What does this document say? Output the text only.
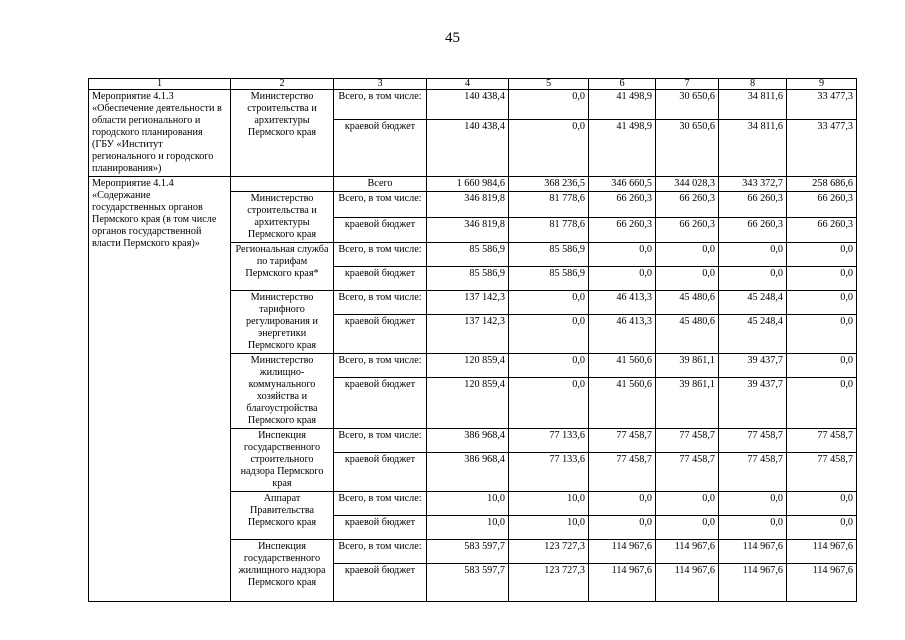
45
1	2	3	4	5	6	7	8	9
Мероприятие 4.1.3 «Обеспечение деятельности в области регионального и городского планирования (ГБУ «Институт регионального и городского планирования»)	Министерство строительства и архитектуры Пермского края	Всего, в том числе:	140 438,4	0,0	41 498,9	30 650,6	34 811,6	33 477,3
		краевой бюджет	140 438,4	0,0	41 498,9	30 650,6	34 811,6	33 477,3
Мероприятие 4.1.4 «Содержание государственных органов Пермского края (в том числе органов государственной власти Пермского края)»		Всего	1 660 984,6	368 236,5	346 660,5	344 028,3	343 372,7	258 686,6
	Министерство строительства и архитектуры Пермского края	Всего, в том числе:	346 819,8	81 778,6	66 260,3	66 260,3	66 260,3	66 260,3
		краевой бюджет	346 819,8	81 778,6	66 260,3	66 260,3	66 260,3	66 260,3
	Региональная служба по тарифам Пермского края*	Всего, в том числе:	85 586,9	85 586,9	0,0	0,0	0,0	0,0
		краевой бюджет	85 586,9	85 586,9	0,0	0,0	0,0	0,0
	Министерство тарифного регулирования и энергетики Пермского края	Всего, в том числе:	137 142,3	0,0	46 413,3	45 480,6	45 248,4	0,0
		краевой бюджет	137 142,3	0,0	46 413,3	45 480,6	45 248,4	0,0
	Министерство жилищно-коммунального хозяйства и благоустройства Пермского края	Всего, в том числе:	120 859,4	0,0	41 560,6	39 861,1	39 437,7	0,0
		краевой бюджет	120 859,4	0,0	41 560,6	39 861,1	39 437,7	0,0
	Инспекция государственного строительного надзора Пермского края	Всего, в том числе:	386 968,4	77 133,6	77 458,7	77 458,7	77 458,7	77 458,7
		краевой бюджет	386 968,4	77 133,6	77 458,7	77 458,7	77 458,7	77 458,7
	Аппарат Правительства Пермского края	Всего, в том числе:	10,0	10,0	0,0	0,0	0,0	0,0
		краевой бюджет	10,0	10,0	0,0	0,0	0,0	0,0
	Инспекция государственного жилищного надзора Пермского края	Всего, в том числе:	583 597,7	123 727,3	114 967,6	114 967,6	114 967,6	114 967,6
		краевой бюджет	583 597,7	123 727,3	114 967,6	114 967,6	114 967,6	114 967,6
